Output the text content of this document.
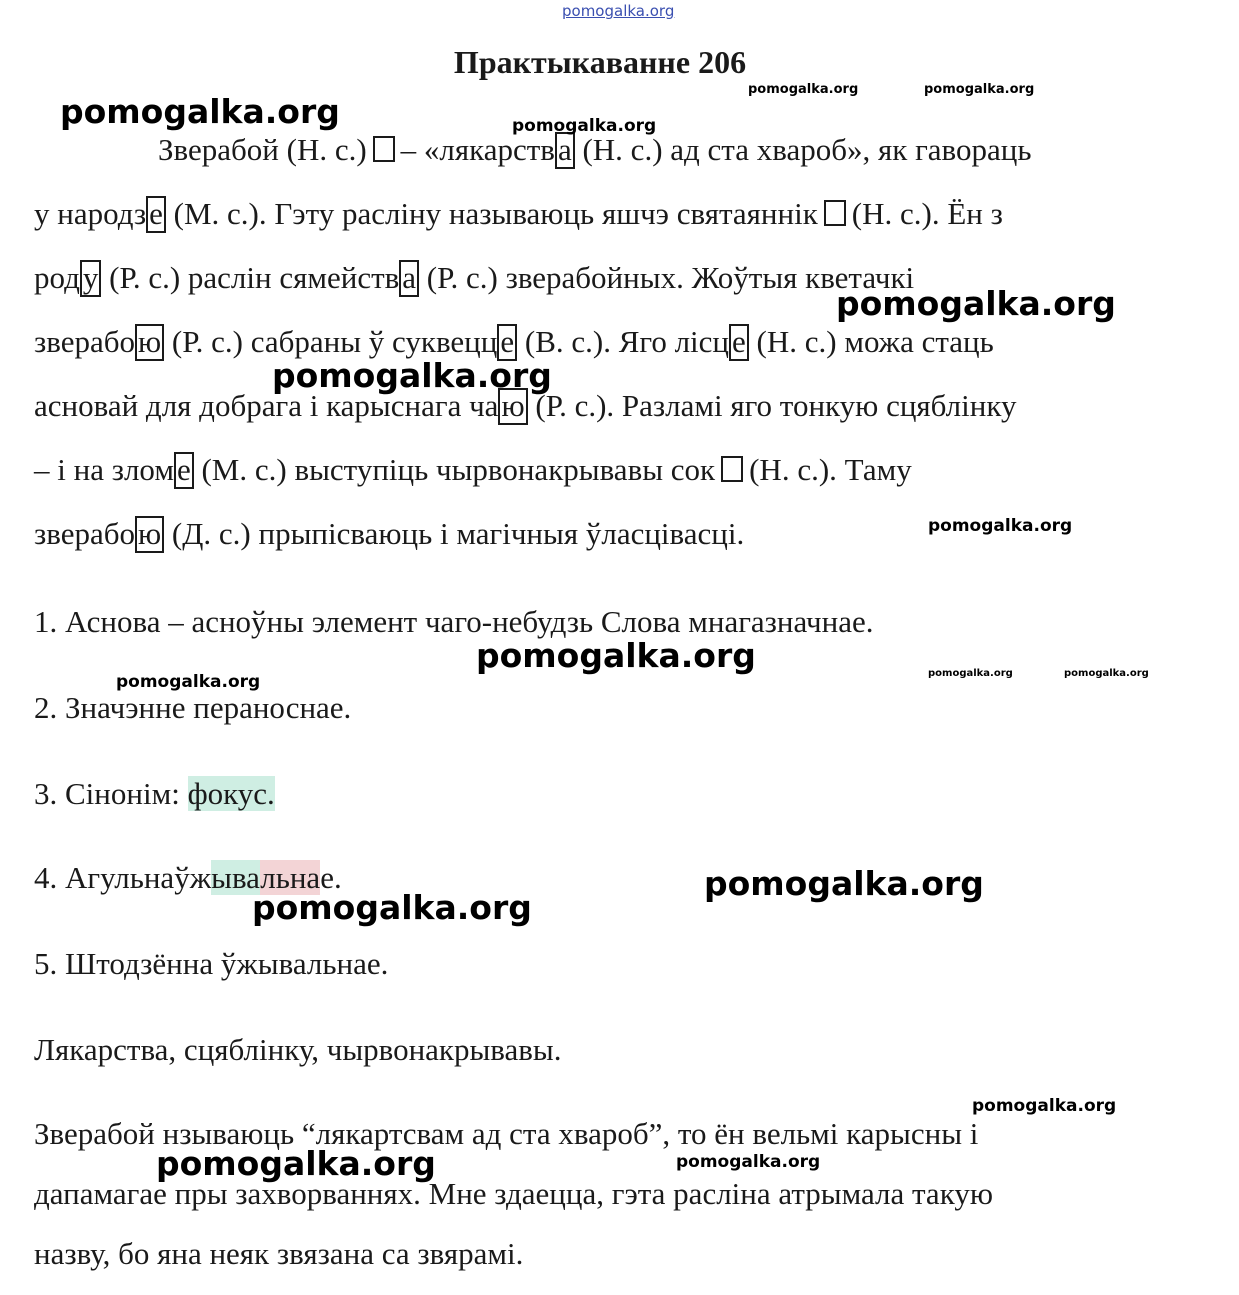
pomogalka.org
Практыкаванне 206
Зверабой (Н. с.) – «лякарства (Н. с.) ад ста хвароб», як гавораць
у народзе (М. с.). Гэту расліну называюць яшчэ святаяннік (Н. с.). Ён з
роду (Р. с.) раслін сямейства (Р. с.) зверабойных. Жоўтыя кветачкі
зверабою (Р. с.) сабраны ў суквецце (В. с.). Яго лісце (Н. с.) можа стаць
асновай для добрага і карыснага чаю (Р. с.). Разламі яго тонкую сцяблінку
– і на зломе (М. с.) выступіць чырвонакрывавы сок (Н. с.). Таму
зверабою (Д. с.) прыпісваюць і магічныя ўласцівасці.
1. Аснова – асноўны элемент чаго-небудзь Слова мнагазначнае.
2. Значэнне пераноснае.
3. Сінонім: фокус.
4. Агульнаўжывальнае.
5. Штодзённа ўжывальнае.
Лякарства, сцяблінку, чырвонакрывавы.
Зверабой нзываюць “лякартсвам ад ста хвароб”, то ён вельмі карысны і
дапамагае пры захворваннях. Мне здаецца, гэта расліна атрымала такую
назву, бо яна неяк звязана са звярамі.
pomogalka.org
pomogalka.org	pomogalka.org
pomogalka.org
pomogalka.org
pomogalka.org
pomogalka.org
pomogalka.org
pomogalka.org	pomogalka.org	pomogalka.org
pomogalka.org
pomogalka.org
pomogalka.org
pomogalka.org	pomogalka.org
